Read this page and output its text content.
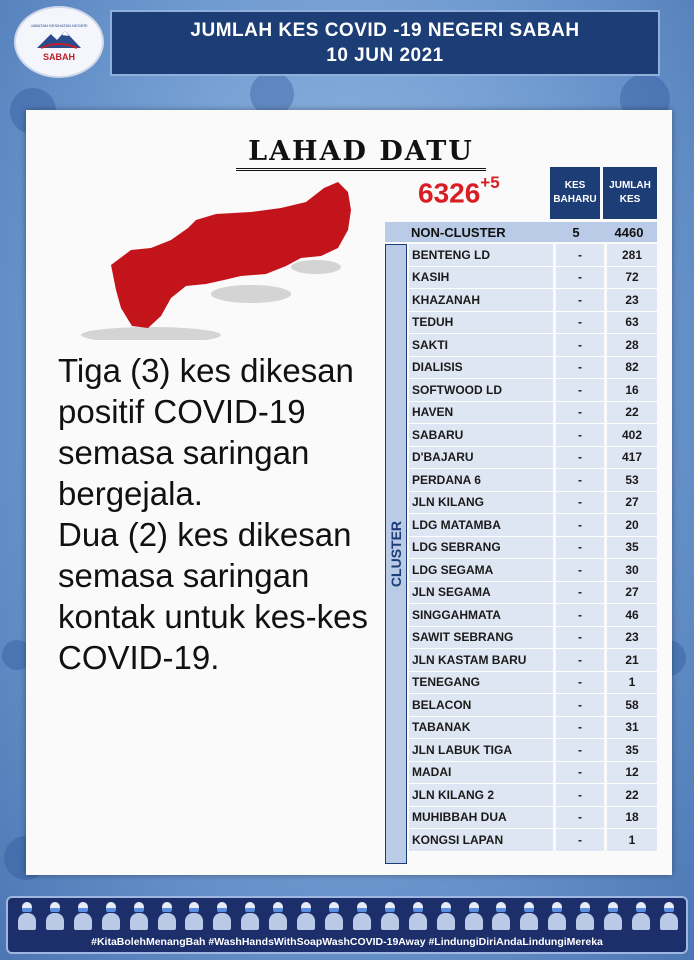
JABATAN KESIHATAN NEGERI
SABAH
JUMLAH KES COVID -19 NEGERI SABAH
10 JUN 2021
LAHAD DATU

Tiga (3) kes dikesan positif COVID-19 semasa saringan bergejala.

Dua (2) kes dikesan semasa saringan kontak untuk kes-kes COVID-19.

$6326^{+5}$	KES BAHARU
JUMLAH KES
NON-CLUSTER	5	4460
CLUSTER
BENTENG LD	-	281
KASIH	-	72
KHAZANAH	-	23
TEDUH	-	63
SAKTI	-	28
DIALISIS	-	82
SOFTWOOD LD	-	16
HAVEN	-	22
SABARU	-	402
D'BAJARU	-	417
PERDANA 6	-	53
JLN KILANG	-	27
LDG MATAMBA	-	20
LDG SEBRANG	-	35
LDG SEGAMA	-	30
JLN SEGAMA	-	27
SINGGAHMATA	-	46
SAWIT SEBRANG	-	23
JLN KASTAM BARU	-	21
TENEGANG	-	1
BELACON	-	58
TABANAK	-	31
JLN LABUK TIGA	-	35
MADAI	-	12
JLN KILANG 2	-	22
MUHIBBAH DUA	-	18
KONGSI LAPAN	-	1
#KitaBolehMenangBah #WashHandsWithSoapWashCOVID-19Away #LindungiDiriAndaLindungiMereka
